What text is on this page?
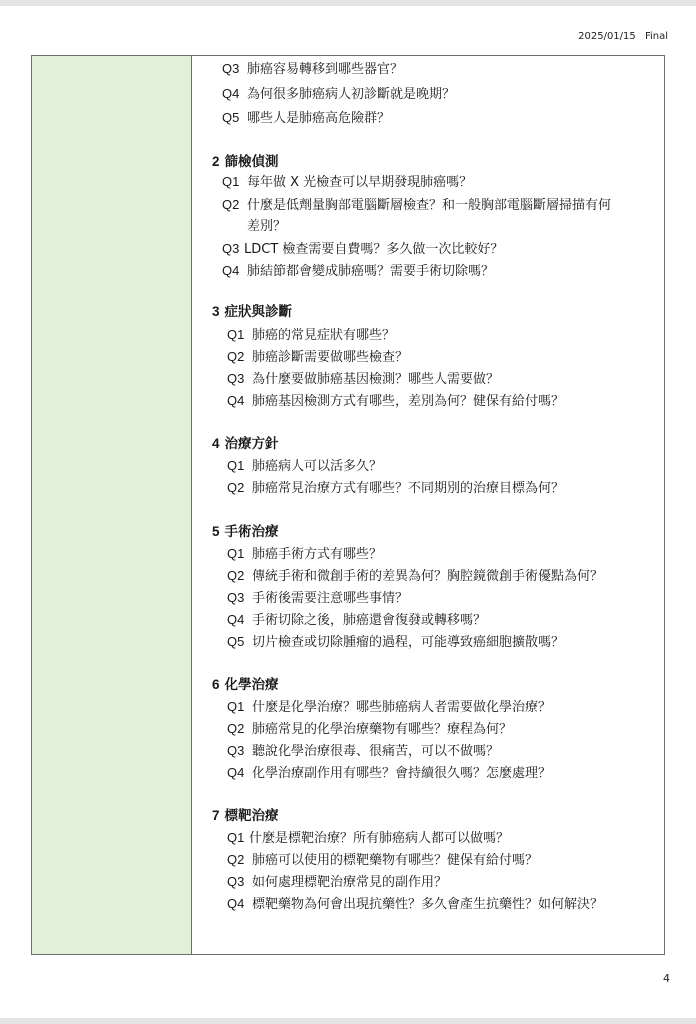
2025/01/15 Final
Q3 肺癌容易轉移到哪些器官？
Q4 為何很多肺癌病人初診斷就是晚期？
Q5 哪些人是肺癌高危險群？
2 篩檢偵測
Q1 每年做 X 光檢查可以早期發現肺癌嗎？
Q2 什麼是低劑量胸部電腦斷層檢查？和一般胸部電腦斷層掃描有何
差別？
Q3 LDCT 檢查需要自費嗎？多久做一次比較好？
Q4 肺結節都會變成肺癌嗎？需要手術切除嗎？
3 症狀與診斷
Q1 肺癌的常見症狀有哪些？
Q2 肺癌診斷需要做哪些檢查？
Q3 為什麼要做肺癌基因檢測？哪些人需要做？
Q4 肺癌基因檢測方式有哪些，差別為何？健保有給付嗎？
4 治療方針
Q1 肺癌病人可以活多久？
Q2 肺癌常見治療方式有哪些？不同期別的治療目標為何？
5 手術治療
Q1 肺癌手術方式有哪些？
Q2 傳統手術和微創手術的差異為何？胸腔鏡微創手術優點為何？
Q3 手術後需要注意哪些事情？
Q4 手術切除之後，肺癌還會復發或轉移嗎？
Q5 切片檢查或切除腫瘤的過程，可能導致癌細胞擴散嗎？
6 化學治療
Q1 什麼是化學治療？哪些肺癌病人者需要做化學治療？
Q2 肺癌常見的化學治療藥物有哪些？療程為何？
Q3 聽說化學治療很毒、很痛苦，可以不做嗎？
Q4 化學治療副作用有哪些？會持續很久嗎？怎麼處理？
7 標靶治療
Q1 什麼是標靶治療？所有肺癌病人都可以做嗎？
Q2 肺癌可以使用的標靶藥物有哪些？健保有給付嗎？
Q3 如何處理標靶治療常見的副作用？
Q4 標靶藥物為何會出現抗藥性？多久會產生抗藥性？如何解決？
4
